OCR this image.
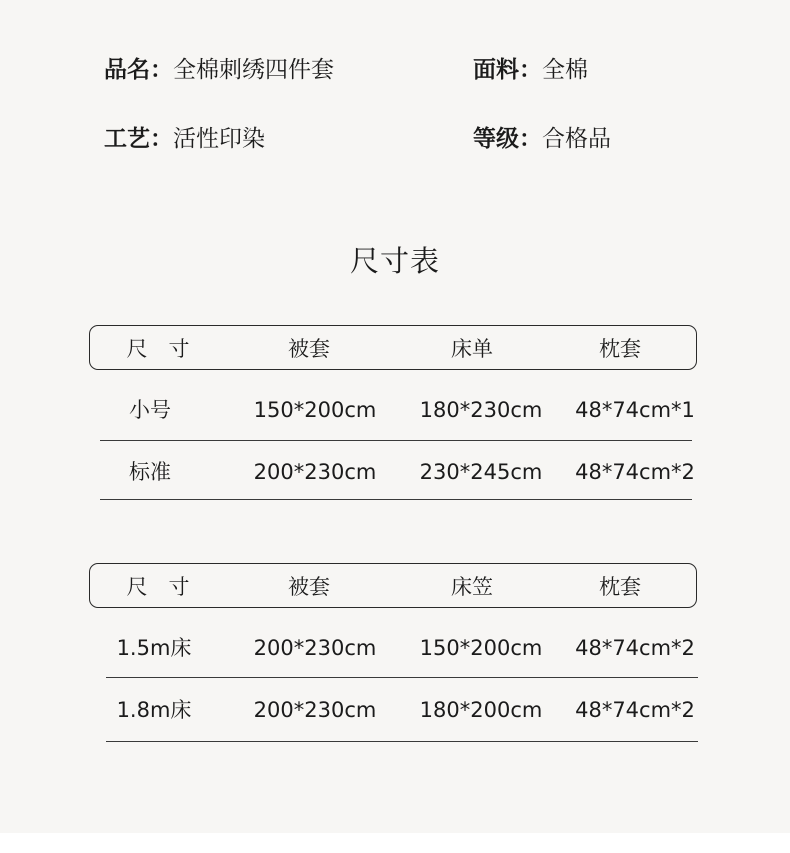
品名：全棉刺绣四件套	面料：全棉
工艺：活性印染	等级：合格品
尺寸表
尺　寸	被套	床单	枕套
小号	150*200cm 180*230cm 48*74cm*1
标准	200*230cm 230*245cm 48*74cm*2
尺　寸	被套	床笠	枕套
1.5m床	200*230cm 150*200cm 48*74cm*2
1.8m床	200*230cm 180*200cm 48*74cm*2
